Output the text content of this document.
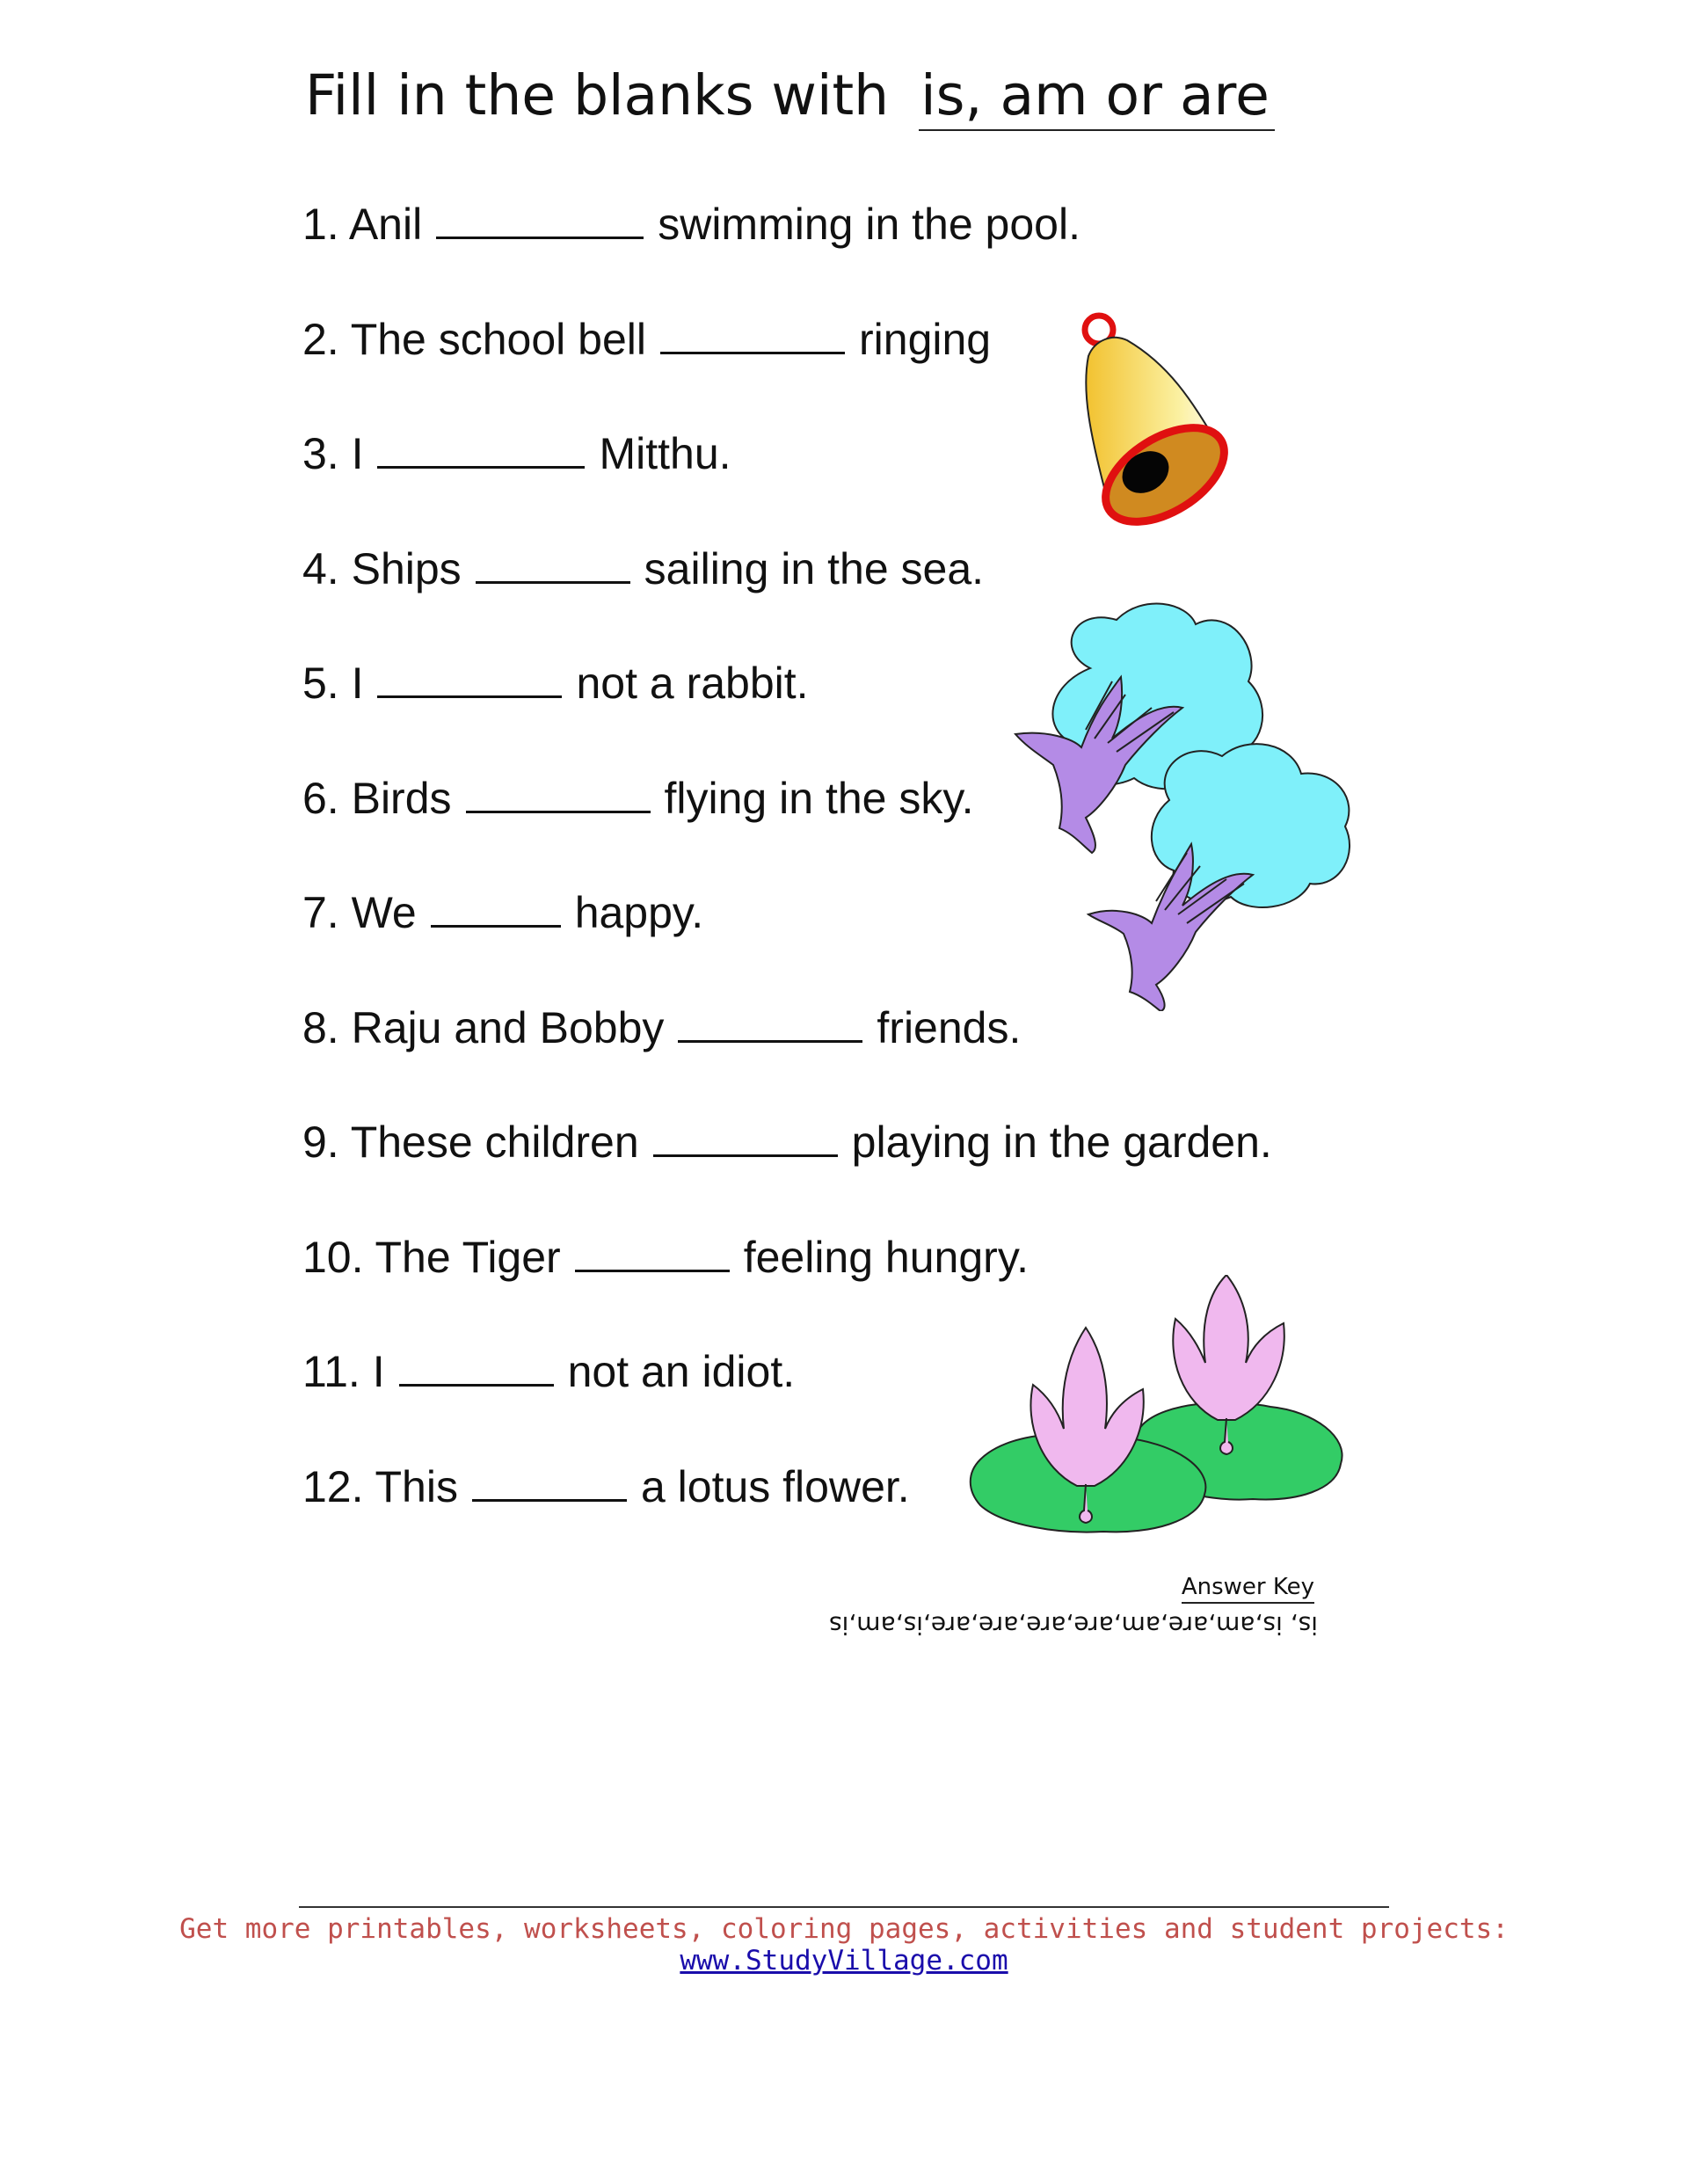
Fill in the blanks with is, am or are
1. Anil	swimming in the pool.
2. The school bell	ringing
3. I	Mitthu.
4. Ships	sailing in the sea.
5. I	not a rabbit.
6. Birds	flying in the sky.
7. We	happy.
8. Raju and Bobby	friends.
9. These children	playing in the garden.
10. The Tiger	feeling hungry.
11. I	not an idiot.
12. This	a lotus flower.
Answer Key
is, is,am,are,am,are,are,are,are,is,am,is
Get more printables, worksheets, coloring pages, activities and student projects:
www.StudyVillage.com
